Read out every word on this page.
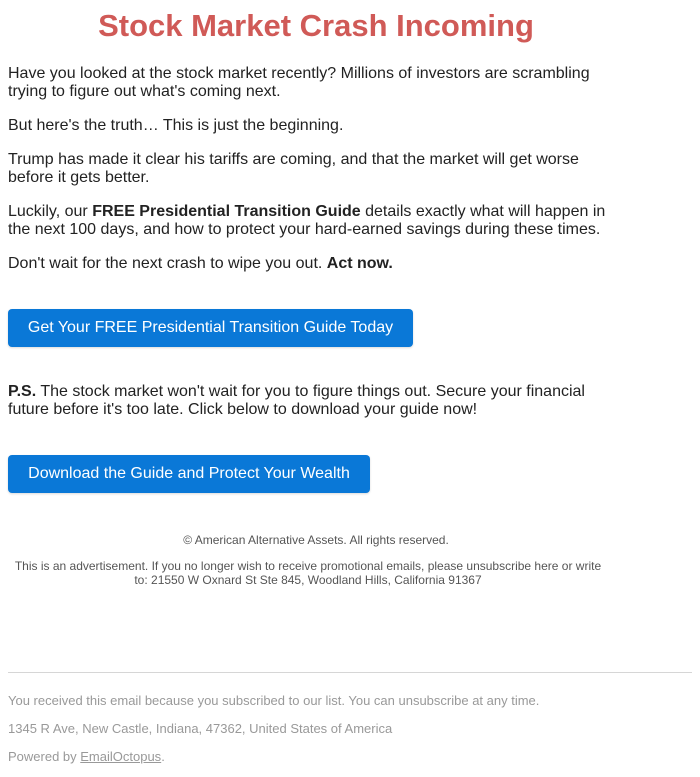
Stock Market Crash Incoming

Have you looked at the stock market recently? Millions of investors are scrambling trying to figure out what's coming next.

But here's the truth… This is just the beginning.

Trump has made it clear his tariffs are coming, and that the market will get worse before it gets better.

Luckily, our FREE Presidential Transition Guide details exactly what will happen in the next 100 days, and how to protect your hard-earned savings during these times.

Don't wait for the next crash to wipe you out. Act now.

Get Your FREE Presidential Transition Guide Today

P.S. The stock market won't wait for you to figure things out. Secure your financial future before it's too late. Click below to download your guide now!

Download the Guide and Protect Your Wealth
© American Alternative Assets. All rights reserved.
This is an advertisement. If you no longer wish to receive promotional emails, please unsubscribe here or write to: 21550 W Oxnard St Ste 845, Woodland Hills, California 91367
You received this email because you subscribed to our list. You can unsubscribe at any time.
1345 R Ave, New Castle, Indiana, 47362, United States of America
Powered by EmailOctopus.
